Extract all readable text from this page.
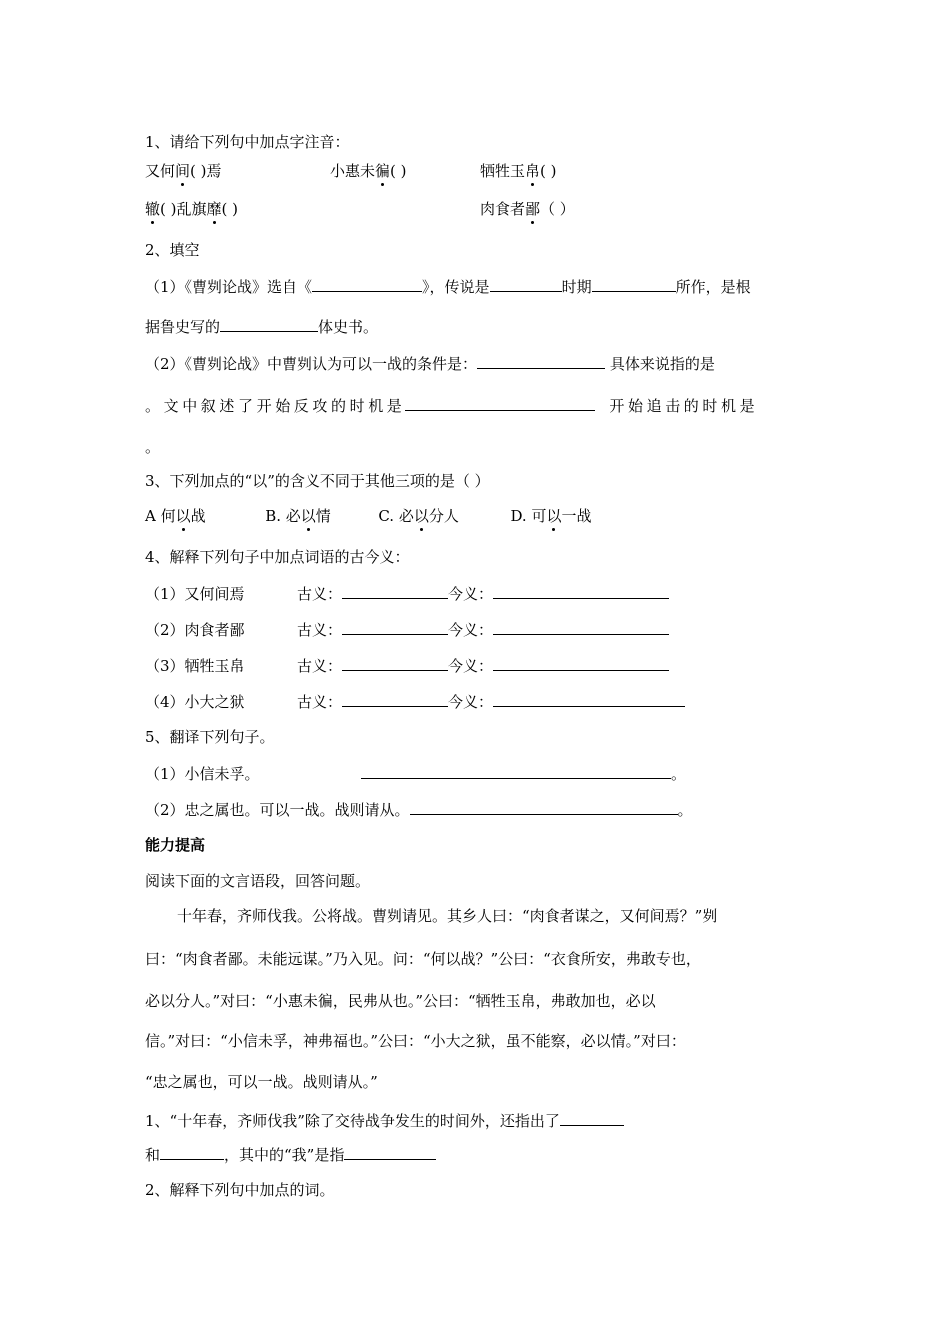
1、请给下列句中加点字注音：
又何间( )焉	小惠未徧( )	牺牲玉帛( )
辙( )乱旗靡( )	肉食者鄙（ ）
2、填空
（1）《曹刿论战》选自《	》，传说是	时期	所作，是根
据鲁史写的	体史书。
（2）《曹刿论战》中曹刿认为可以一战的条件是：	具体来说指的是
。文中叙述了开始反攻的时机是	开始追击的时机是
。
3、下列加点的“以”的含义不同于其他三项的是（ ）
A 何以战	B. 必以情	C. 必以分人	D. 可以一战
4、解释下列句子中加点词语的古今义：
（1）又何间焉	古义：	今义：
（2）肉食者鄙	古义：	今义：
（3）牺牲玉帛	古义：	今义：
（4）小大之狱	古义：	今义：
5、翻译下列句子。
（1）小信未孚。	。
（2）忠之属也。可以一战。战则请从。	。
能力提高
阅读下面的文言语段，回答问题。
十年春，齐师伐我。公将战。曹刿请见。其乡人曰：“肉食者谋之，又何间焉？”刿
曰：“肉食者鄙。未能远谋。”乃入见。问：“何以战？”公曰：“衣食所安，弗敢专也，
必以分人。”对曰：“小惠未徧，民弗从也。”公曰：“牺牲玉帛，弗敢加也，必以
信。”对曰：“小信未孚，神弗福也。”公曰：“小大之狱，虽不能察，必以情。”对曰：
“忠之属也，可以一战。战则请从。”
1、“十年春，齐师伐我”除了交待战争发生的时间外，还指出了
和	，其中的“我”是指
2、解释下列句中加点的词。
